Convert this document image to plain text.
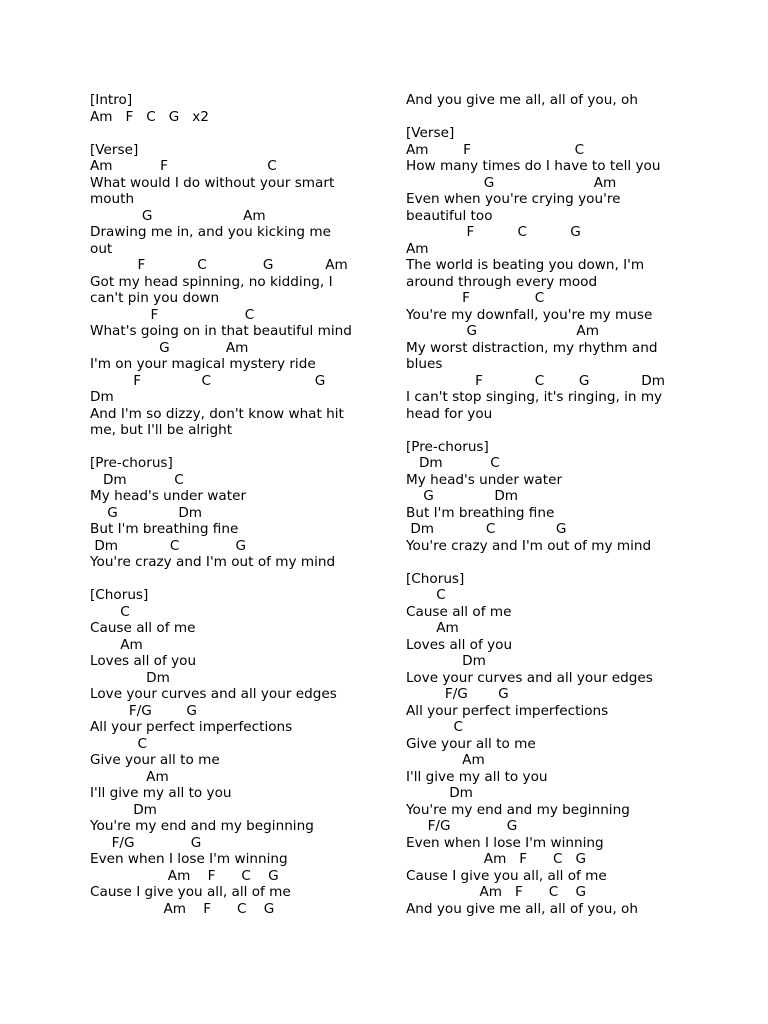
[Intro]
Am   F   C   G   x2
[Verse]
Am           F                       C
What would I do without your smart
mouth
G                     Am
Drawing me in, and you kicking me
out
F            C             G            Am
Got my head spinning, no kidding, I
can't pin you down
F                    C
What's going on in that beautiful mind
G             Am
I'm on your magical mystery ride
F              C                        G
Dm
And I'm so dizzy, don't know what hit
me, but I'll be alright
[Pre-chorus]
Dm           C
My head's under water
G              Dm
But I'm breathing fine
Dm            C             G
You're crazy and I'm out of my mind
[Chorus]
C
Cause all of me
Am
Loves all of you
Dm
Love your curves and all your edges
F/G        G
All your perfect imperfections
C
Give your all to me
Am
I'll give my all to you
Dm
You're my end and my beginning
F/G             G
Even when I lose I'm winning
Am    F      C    G
Cause I give you all, all of me
Am    F      C    G
And you give me all, all of you, oh
[Verse]
Am        F                        C
How many times do I have to tell you
G                       Am
Even when you're crying you're
beautiful too
F          C          G
Am
The world is beating you down, I'm
around through every mood
F               C
You're my downfall, you're my muse
G                       Am
My worst distraction, my rhythm and
blues
F            C        G            Dm
I can't stop singing, it's ringing, in my
head for you
[Pre-chorus]
Dm           C
My head's under water
G              Dm
But I'm breathing fine
Dm            C              G
You're crazy and I'm out of my mind
[Chorus]
C
Cause all of me
Am
Loves all of you
Dm
Love your curves and all your edges
F/G       G
All your perfect imperfections
C
Give your all to me
Am
I'll give my all to you
Dm
You're my end and my beginning
F/G             G
Even when I lose I'm winning
Am   F      C   G
Cause I give you all, all of me
Am   F      C    G
And you give me all, all of you, oh
